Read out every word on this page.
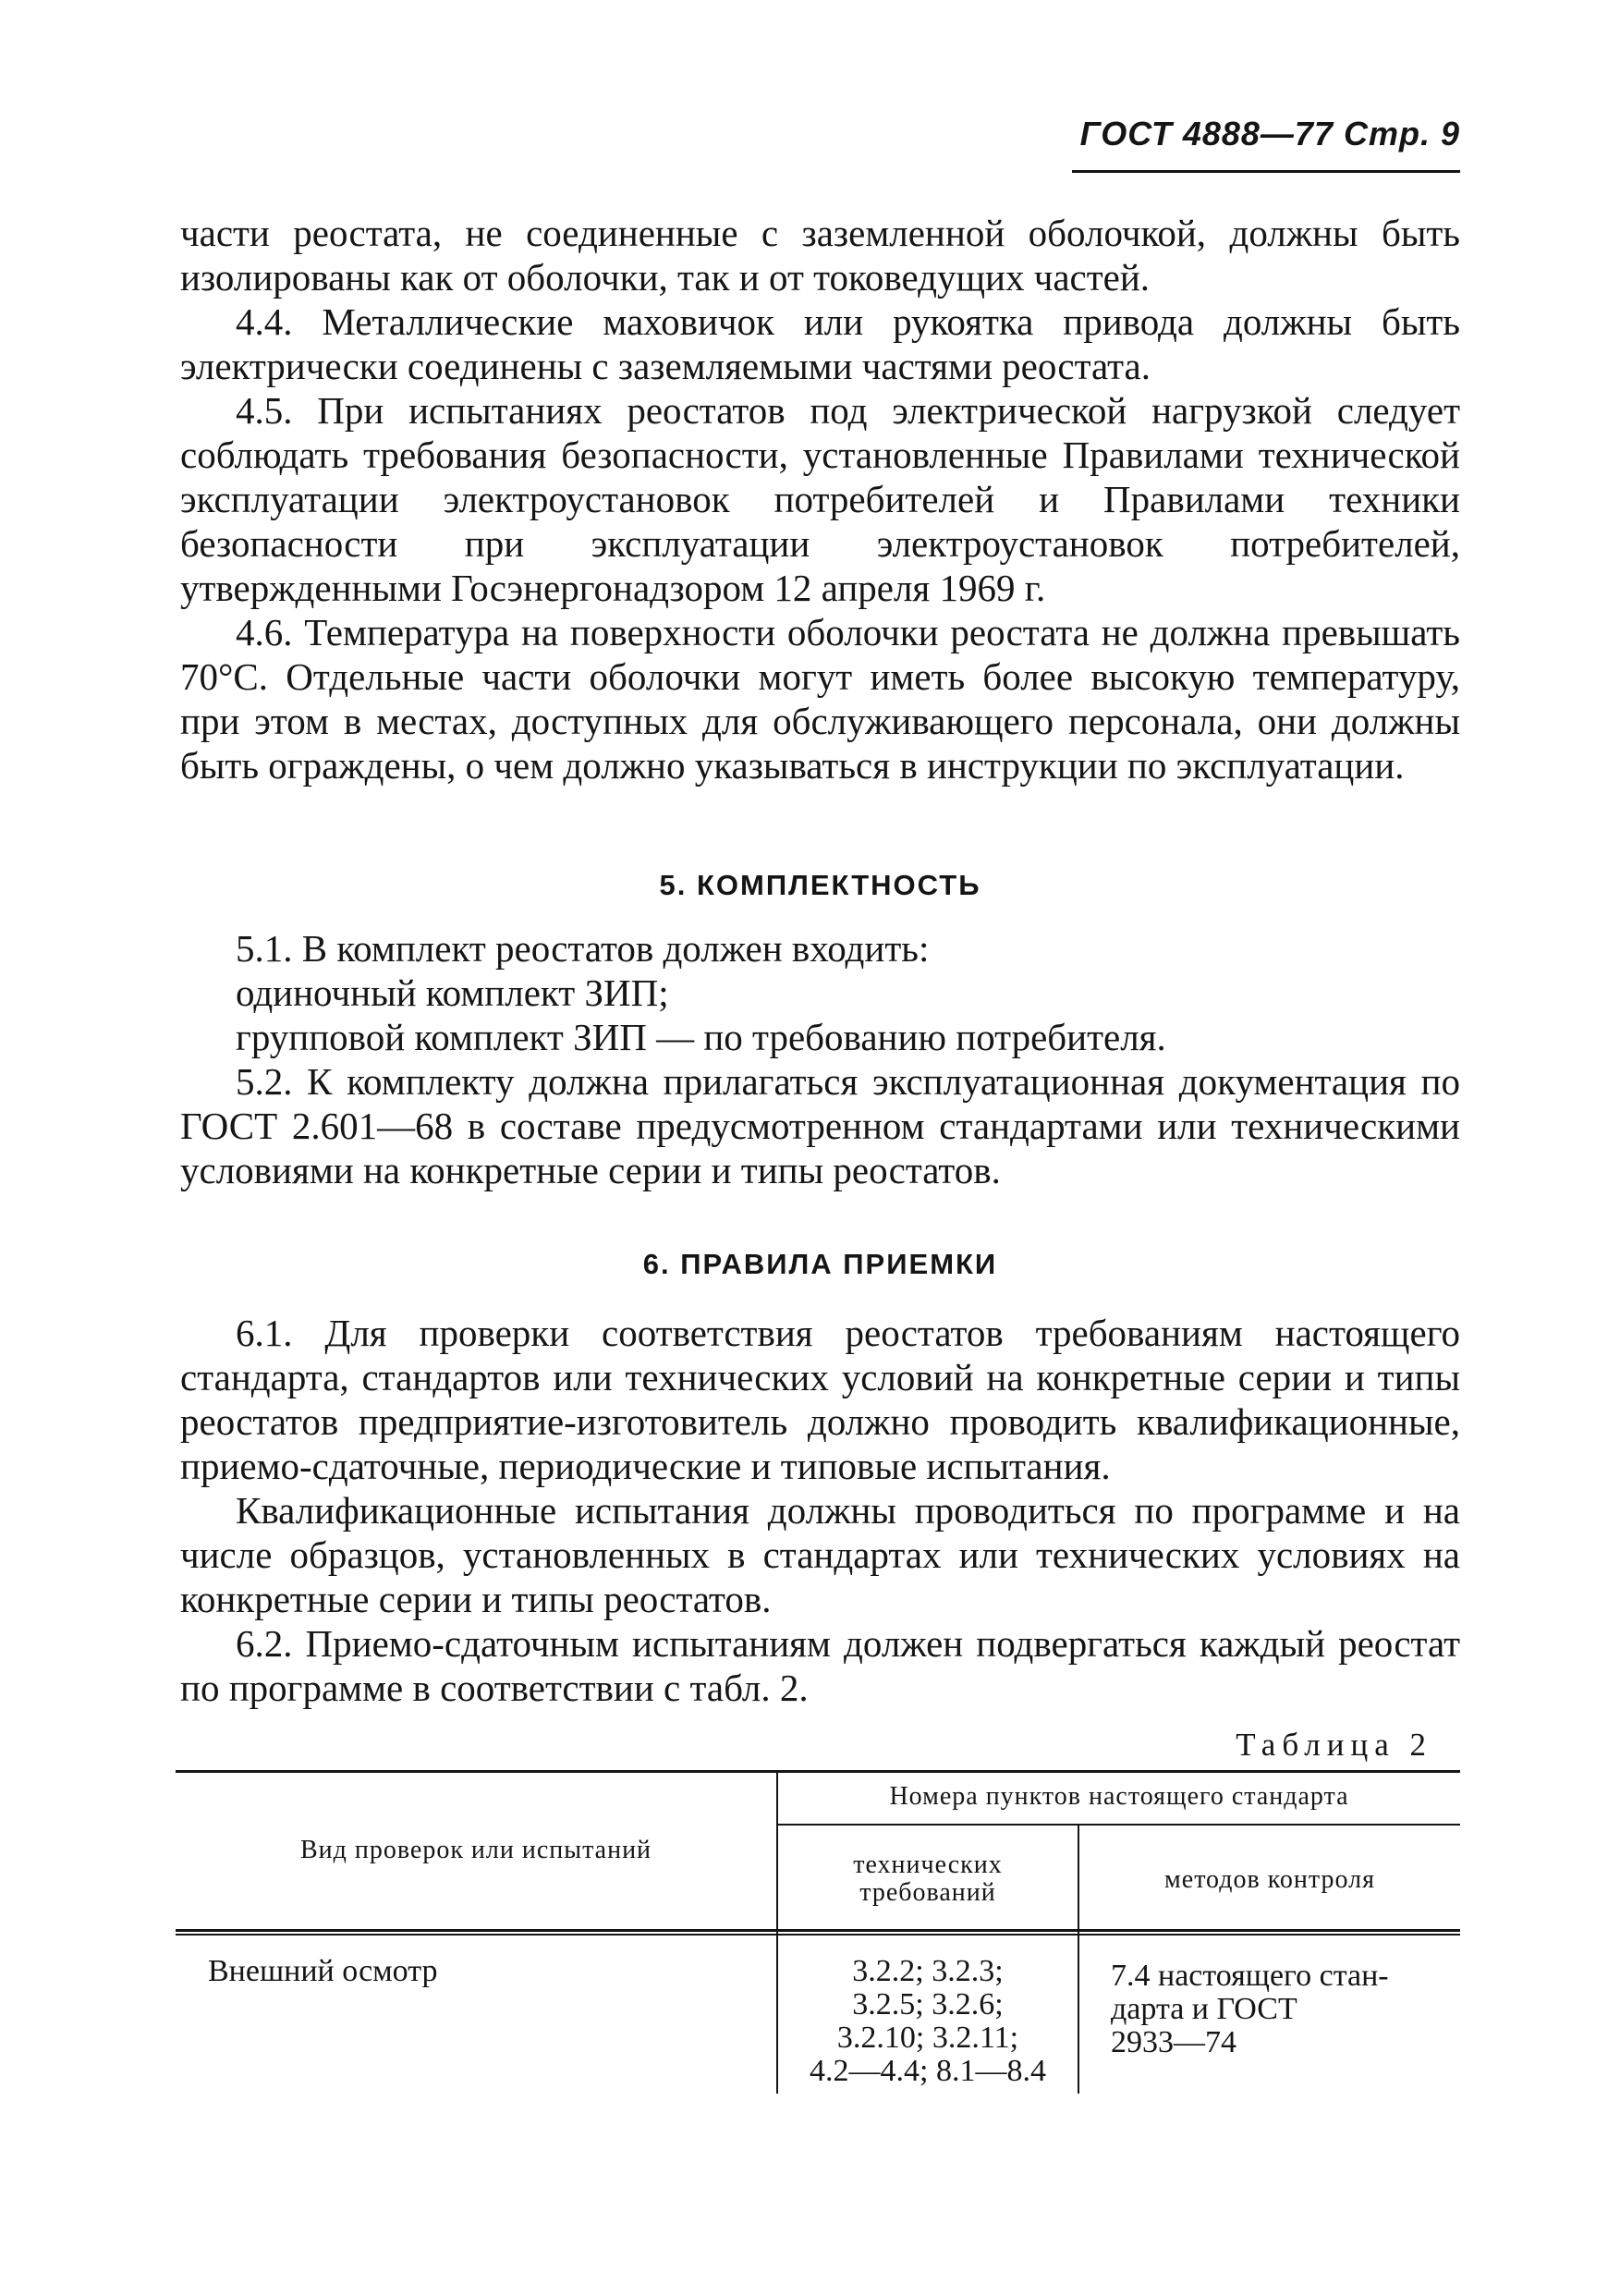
ГОСТ 4888—77 Стр. 9

части реостата, не соединенные с заземленной оболочкой, должны быть изолированы как от оболочки, так и от токоведущих частей.

4.4. Металлические маховичок или рукоятка привода должны быть электрически соединены с заземляемыми частями реостата.

4.5. При испытаниях реостатов под электрической нагрузкой следует соблюдать требования безопасности, установленные Правилами технической эксплуатации электроустановок потребителей и Правилами техники безопасности при эксплуатации электроустановок потребителей, утвержденными Госэнергонадзором 12 апреля 1969 г.

4.6. Температура на поверхности оболочки реостата не должна превышать 70°С. Отдельные части оболочки могут иметь более высокую температуру, при этом в местах, доступных для обслуживающего персонала, они должны быть ограждены, о чем должно указываться в инструкции по эксплуатации.

5. КОМПЛЕКТНОСТЬ

5.1. В комплект реостатов должен входить:

одиночный комплект ЗИП;

групповой комплект ЗИП — по требованию потребителя.

5.2. К комплекту должна прилагаться эксплуатационная документация по ГОСТ 2.601—68 в составе предусмотренном стандартами или техническими условиями на конкретные серии и типы реостатов.

6. ПРАВИЛА ПРИЕМКИ

6.1. Для проверки соответствия реостатов требованиям настоящего стандарта, стандартов или технических условий на конкретные серии и типы реостатов предприятие-изготовитель должно проводить квалификационные, приемо-сдаточные, периодические и типовые испытания.

Квалификационные испытания должны проводиться по программе и на числе образцов, установленных в стандартах или технических условиях на конкретные серии и типы реостатов.

6.2. Приемо-сдаточным испытаниям должен подвергаться каждый реостат по программе в соответствии с табл. 2.

Таблица 2
Вид проверок или испытаний
Номера пунктов настоящего стандарта
технических
требований	методов контроля
Внешний осмотр	3.2.2; 3.2.3;
3.2.5; 3.2.6;
3.2.10; 3.2.11;
4.2—4.4; 8.1—8.4
7.4 настоящего стан-
дарта и ГОСТ
2933—74
